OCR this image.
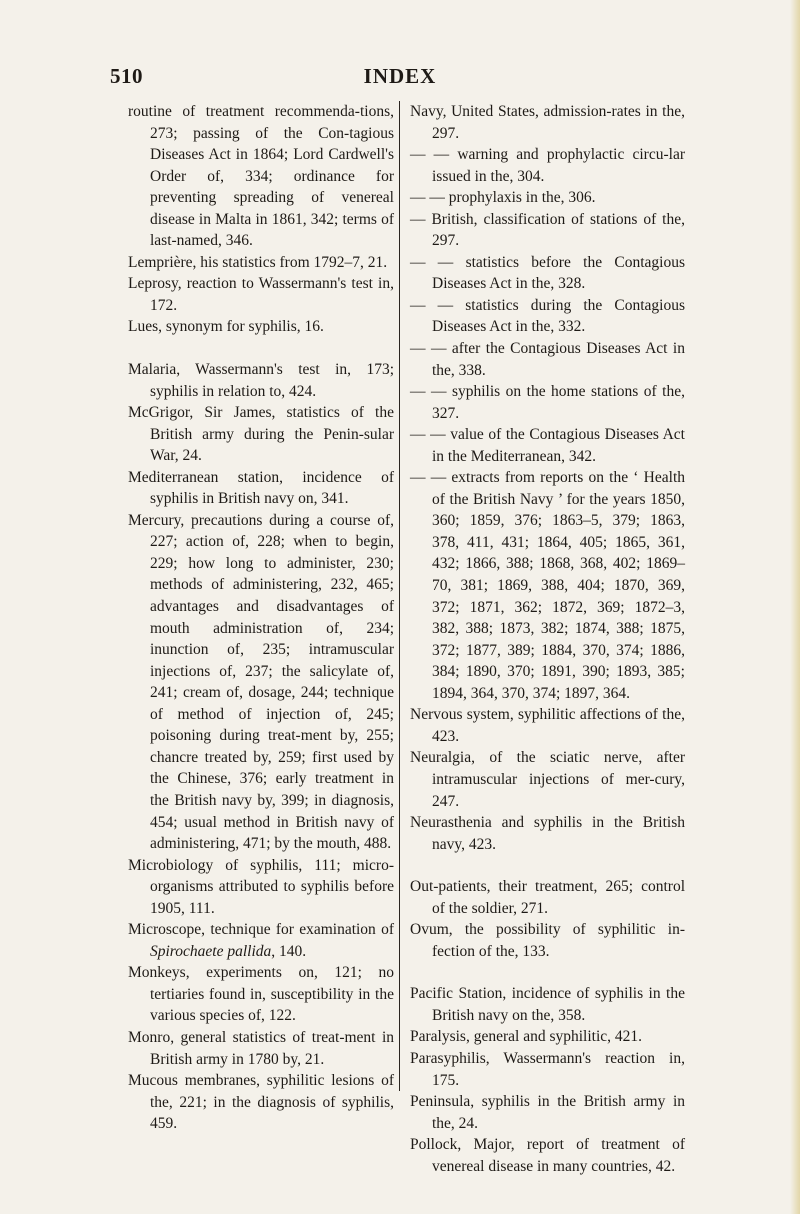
510	INDEX

routine of treatment recommenda-tions, 273; passing of the Con-tagious Diseases Act in 1864; Lord Cardwell's Order of, 334; ordinance for preventing spreading of venereal disease in Malta in 1861, 342; terms of last-named, 346.

Lemprière, his statistics from 1792–7, 21.

Leprosy, reaction to Wassermann's test in, 172.

Lues, synonym for syphilis, 16.

Malaria, Wassermann's test in, 173; syphilis in relation to, 424.

McGrigor, Sir James, statistics of the British army during the Penin-sular War, 24.

Mediterranean station, incidence of syphilis in British navy on, 341.

Mercury, precautions during a course of, 227; action of, 228; when to begin, 229; how long to administer, 230; methods of administering, 232, 465; advantages and disadvantages of mouth administration of, 234; inunction of, 235; intramuscular injections of, 237; the salicylate of, 241; cream of, dosage, 244; technique of method of injection of, 245; poisoning during treat-ment by, 255; chancre treated by, 259; first used by the Chinese, 376; early treatment in the British navy by, 399; in diagnosis, 454; usual method in British navy of administering, 471; by the mouth, 488.

Microbiology of syphilis, 111; micro-organisms attributed to syphilis before 1905, 111.

Microscope, technique for examination of Spirochaete pallida, 140.

Monkeys, experiments on, 121; no tertiaries found in, susceptibility in the various species of, 122.

Monro, general statistics of treat-ment in British army in 1780 by, 21.

Mucous membranes, syphilitic lesions of the, 221; in the diagnosis of syphilis, 459.

Navy, United States, admission-rates in the, 297.

— — warning and prophylactic circu-lar issued in the, 304.

— — prophylaxis in the, 306.

— British, classification of stations of the, 297.

— — statistics before the Contagious Diseases Act in the, 328.

— — statistics during the Contagious Diseases Act in the, 332.

— — after the Contagious Diseases Act in the, 338.

— — syphilis on the home stations of the, 327.

— — value of the Contagious Diseases Act in the Mediterranean, 342.

— — extracts from reports on the ‘ Health of the British Navy ’ for the years 1850, 360; 1859, 376; 1863–5, 379; 1863, 378, 411, 431; 1864, 405; 1865, 361, 432; 1866, 388; 1868, 368, 402; 1869–70, 381; 1869, 388, 404; 1870, 369, 372; 1871, 362; 1872, 369; 1872–3, 382, 388; 1873, 382; 1874, 388; 1875, 372; 1877, 389; 1884, 370, 374; 1886, 384; 1890, 370; 1891, 390; 1893, 385; 1894, 364, 370, 374; 1897, 364.

Nervous system, syphilitic affections of the, 423.

Neuralgia, of the sciatic nerve, after intramuscular injections of mer-cury, 247.

Neurasthenia and syphilis in the British navy, 423.

Out-patients, their treatment, 265; control of the soldier, 271.

Ovum, the possibility of syphilitic in-fection of the, 133.

Pacific Station, incidence of syphilis in the British navy on the, 358.

Paralysis, general and syphilitic, 421.

Parasyphilis, Wassermann's reaction in, 175.

Peninsula, syphilis in the British army in the, 24.

Pollock, Major, report of treatment of venereal disease in many countries, 42.
